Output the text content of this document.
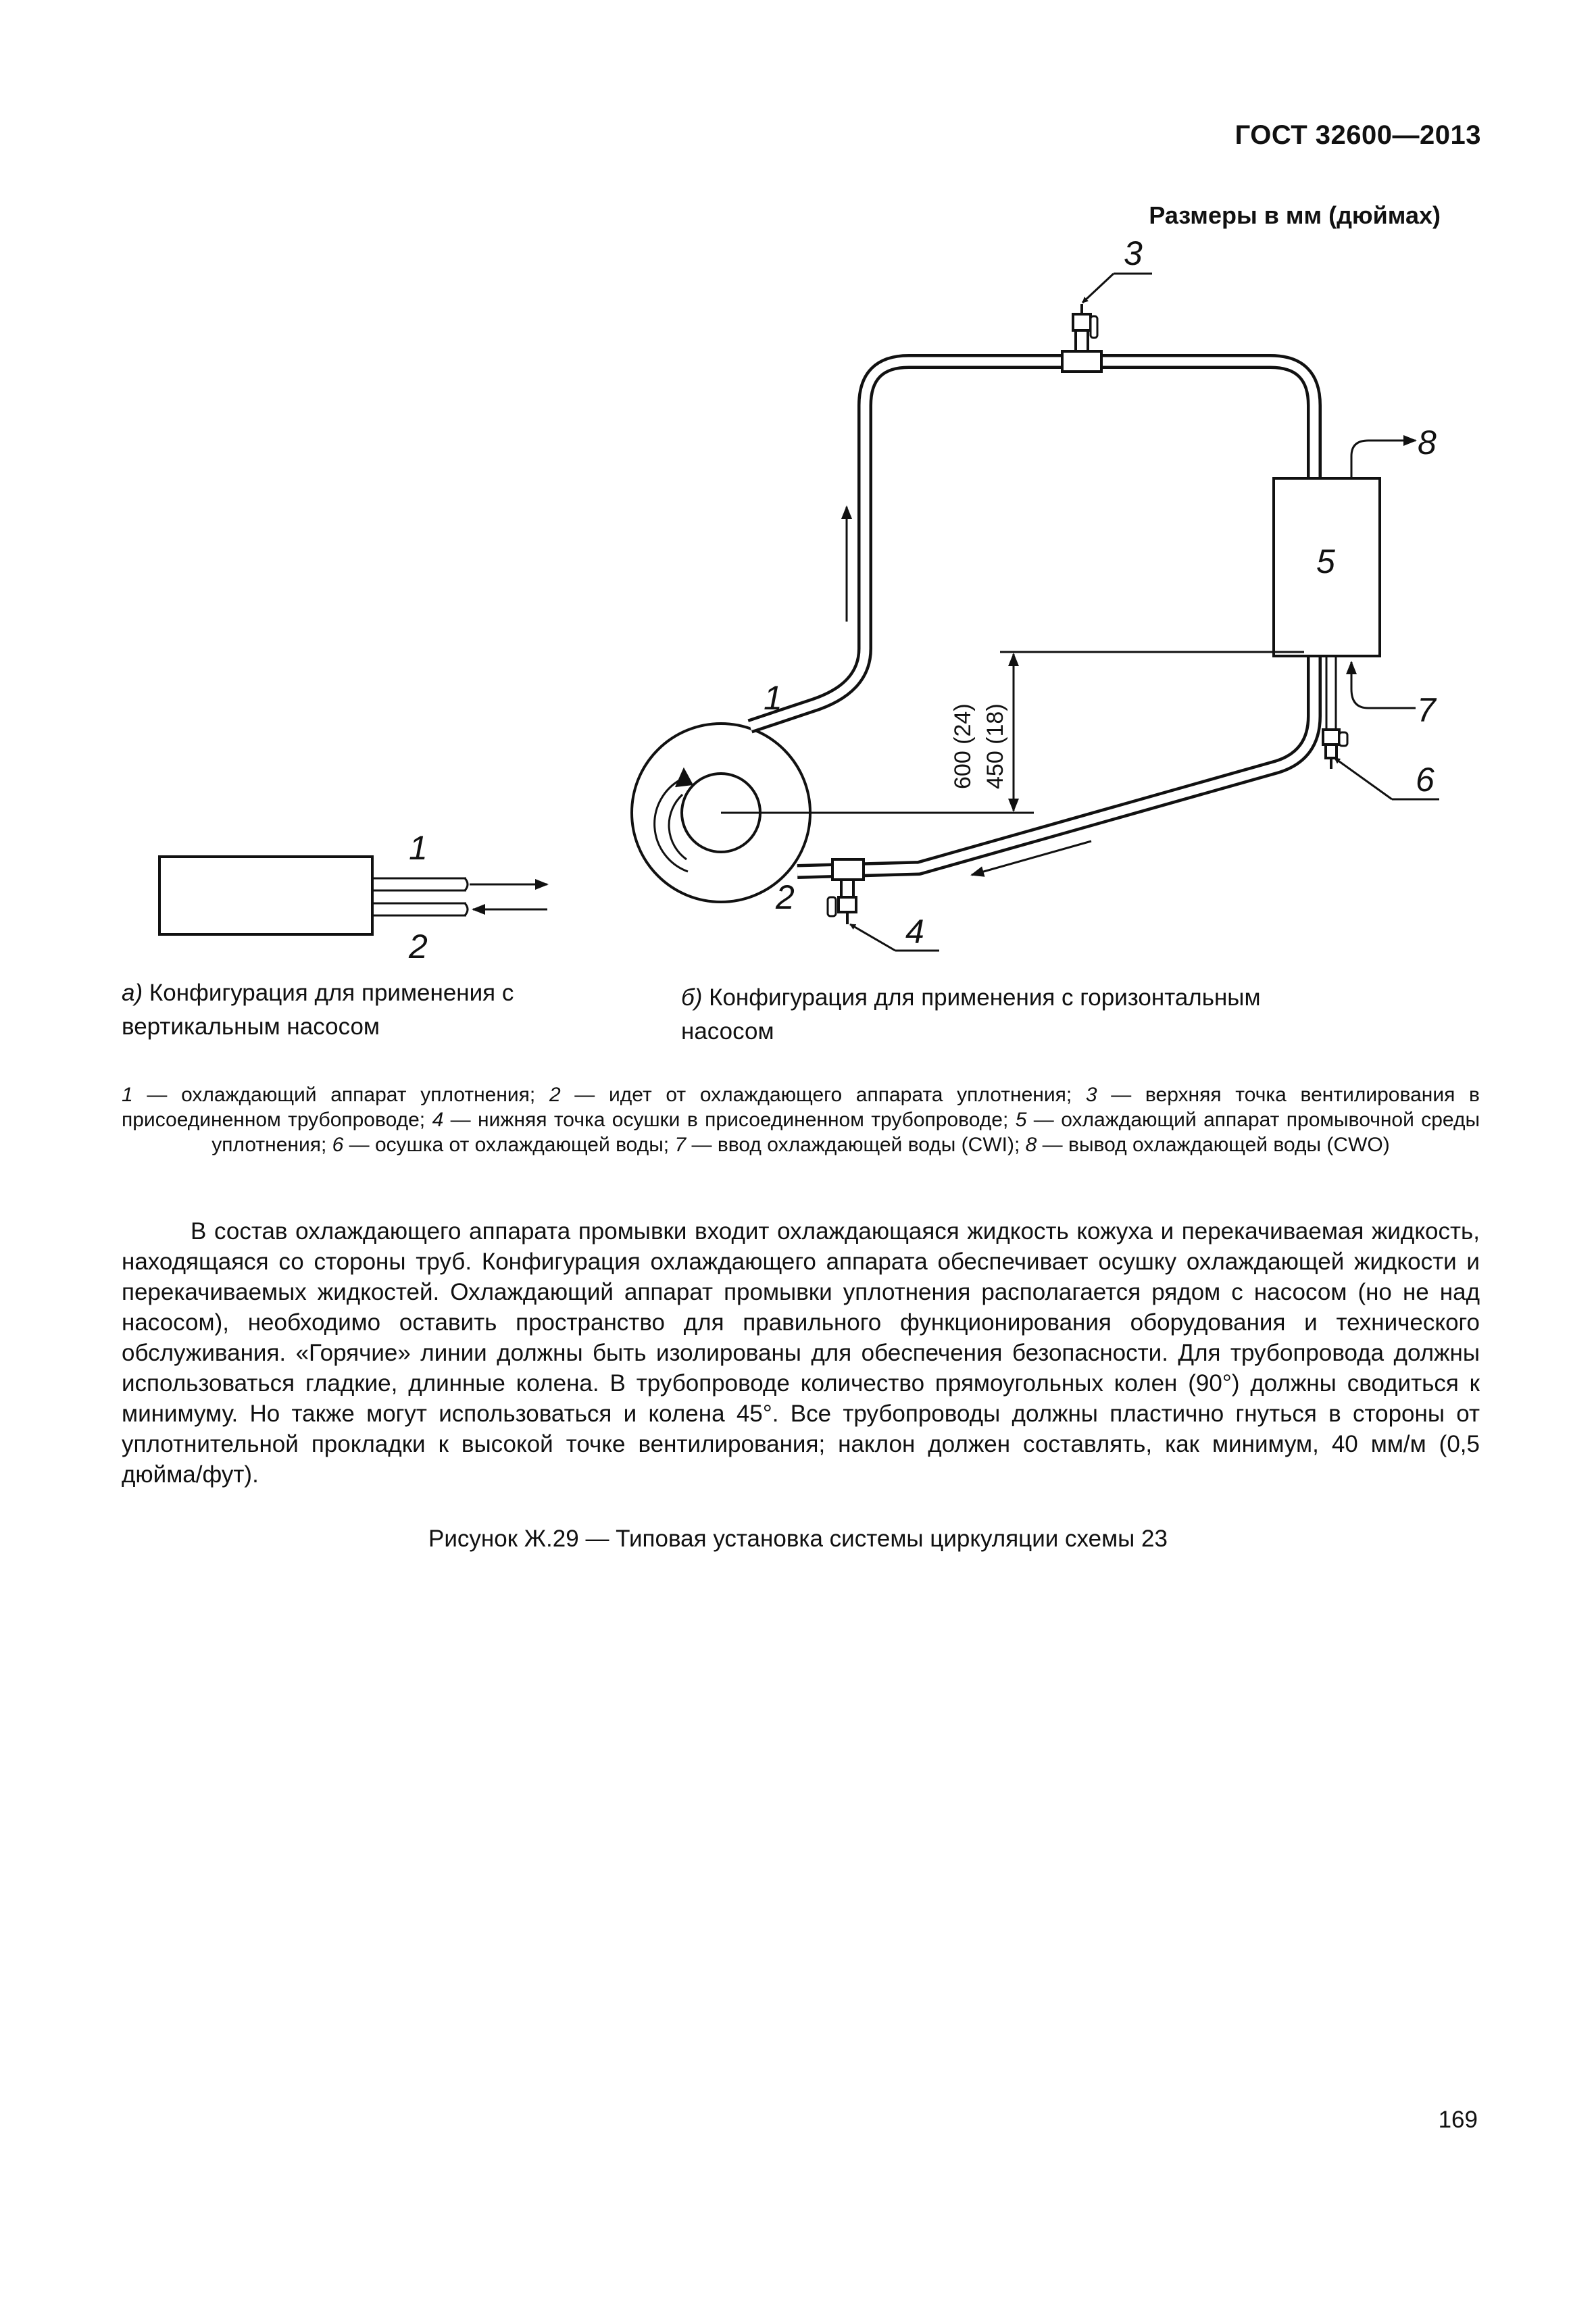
ГОСТ 32600—2013
Размеры в мм (дюймах)
1
2
3
5
8
7
6
4
1
2
600 (24) 450 (18)
а) Конфигурация для применения с вертикальным насосом
б) Конфигурация для применения с горизонтальным насосом
1 — охлаждающий аппарат уплотнения; 2 — идет от охлаждающего аппарата уплотнения; 3 — верхняя точка вентилирования в присоединенном трубопроводе; 4 — нижняя точка осушки в присоединенном трубопроводе; 5 — охлаждающий аппарат промывочной среды уплотнения; 6 — осушка от охлаждающей воды; 7 — ввод охлаждающей воды (CWI); 8 — вывод охлаждающей воды (CWO)
В состав охлаждающего аппарата промывки входит охлаждающаяся жидкость кожуха и перекачиваемая жидкость, находящаяся со стороны труб. Конфигурация охлаждающего аппарата обеспечивает осушку охлаждающей жидкости и перекачиваемых жидкостей. Охлаждающий аппарат промывки уплотнения располагается рядом с насосом (но не над насосом), необходимо оставить пространство для правильного функционирования оборудования и технического обслуживания. «Горячие» линии должны быть изолированы для обеспечения безопасности. Для трубопровода должны использоваться гладкие, длинные колена. В трубопроводе количество прямоугольных колен (90°) должны сводиться к минимуму. Но также могут использоваться и колена 45°. Все трубопроводы должны пластично гнуться в стороны от уплотнительной прокладки к высокой точке вентилирования; наклон должен составлять, как минимум, 40 мм/м (0,5 дюйма/фут).
Рисунок Ж.29 — Типовая установка системы циркуляции схемы 23
169
